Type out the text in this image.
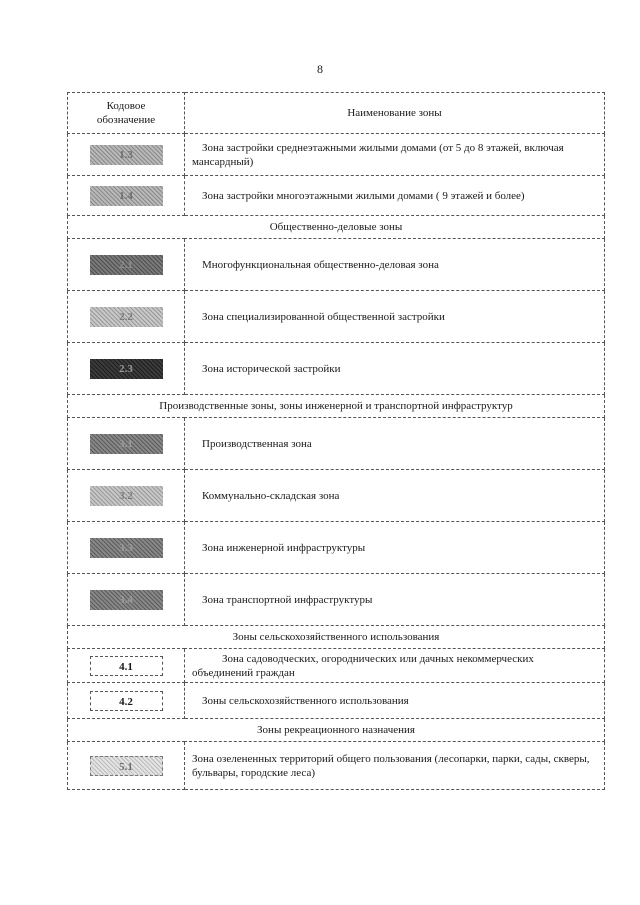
8
Кодовое обозначение	Наименование зоны
1.3	Зона застройки среднеэтажными жилыми домами (от 5 до 8 этажей, включая мансардный)

1.4	Зона застройки многоэтажными жилыми домами ( 9 этажей и более)

Общественно-деловые зоны	
2.1	Многофункциональная общественно-деловая зона

2.2	Зона специализированной общественной застройки

2.3	Зона исторической застройки

Производственные зоны, зоны инженерной и транспортной инфраструктур	
3.1	Производственная зона

3.2	Коммунально-складская зона

3.3	Зона инженерной инфраструктуры

3.4	Зона транспортной инфраструктуры

Зоны сельскохозяйственного использования	
4.1	Зона садоводческих, огороднических или дачных некоммерческих объединений граждан

4.2	Зоны сельскохозяйственного использования

Зоны рекреационного назначения	
5.1	Зона озелененных территорий общего пользования (лесопарки, парки, сады, скверы, бульвары, городские леса)
